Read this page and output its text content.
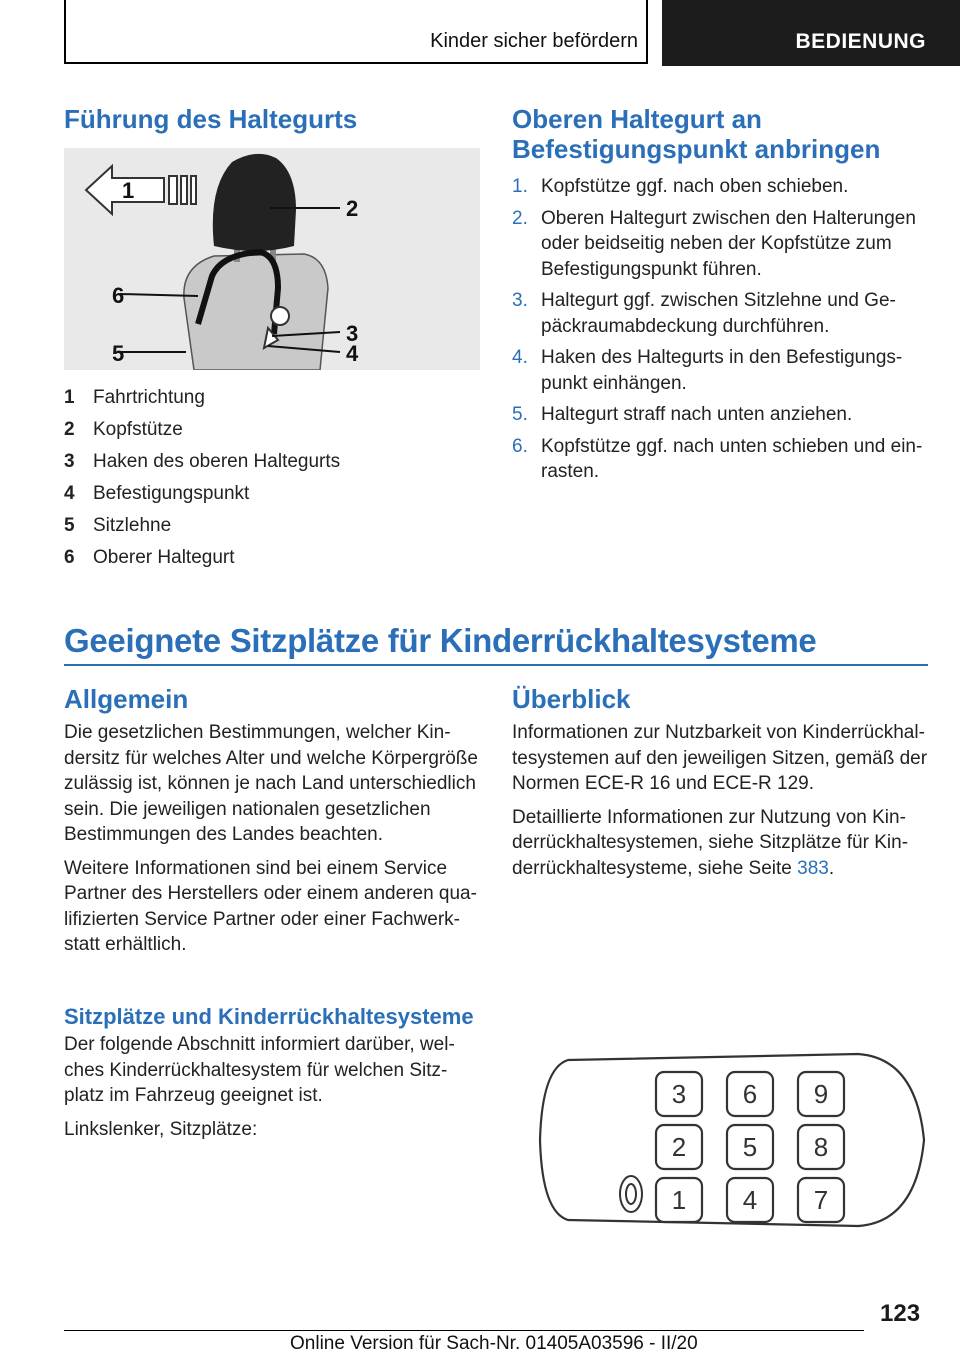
Kinder sicher befördern	BEDIENUNG
Führung des Haltegurts
1
2
3
4
5
6
1 Fahrtrichtung
2 Kopfstütze
3 Haken des oberen Haltegurts
4 Befestigungspunkt
5 Sitzlehne
6 Oberer Haltegurt
Oberen Haltegurt an
Befestigungspunkt anbringen
1. Kopfstütze ggf. nach oben schieben.
2. Oberen Haltegurt zwischen den Halterungen oder beidseitig neben der Kopfstütze zum Befestigungspunkt führen.
3. Haltegurt ggf. zwischen Sitzlehne und Gepäckraumabdeckung durchführen.
4. Haken des Haltegurts in den Befestigungspunkt einhängen.
5. Haltegurt straff nach unten anziehen.
6. Kopfstütze ggf. nach unten schieben und einrasten.
Geeignete Sitzplätze für Kinderrückhaltesysteme
Allgemein

Die gesetzlichen Bestimmungen, welcher Kindersitz für welches Alter und welche Körpergröße zulässig ist, können je nach Land unterschiedlich sein. Die jeweiligen nationalen gesetzlichen Bestimmungen des Landes beachten.

Weitere Informationen sind bei einem Service Partner des Herstellers oder einem anderen qualifizierten Service Partner oder einer Fachwerkstatt erhältlich.

Sitzplätze und Kinderrückhaltesysteme

Der folgende Abschnitt informiert darüber, welches Kinderrückhaltesystem für welchen Sitzplatz im Fahrzeug geeignet ist.

Linkslenker, Sitzplätze:

Überblick

Informationen zur Nutzbarkeit von Kinderrückhaltesystemen auf den jeweiligen Sitzen, gemäß der Normen ECE-R 16 und ECE-R 129.

Detaillierte Informationen zur Nutzung von Kinderrückhaltesystemen, siehe Sitzplätze für Kinderrückhaltesysteme, siehe Seite 383.

3 6 9
2 5 8
1 4 7
123
Online Version für Sach-Nr. 01405A03596 - II/20
